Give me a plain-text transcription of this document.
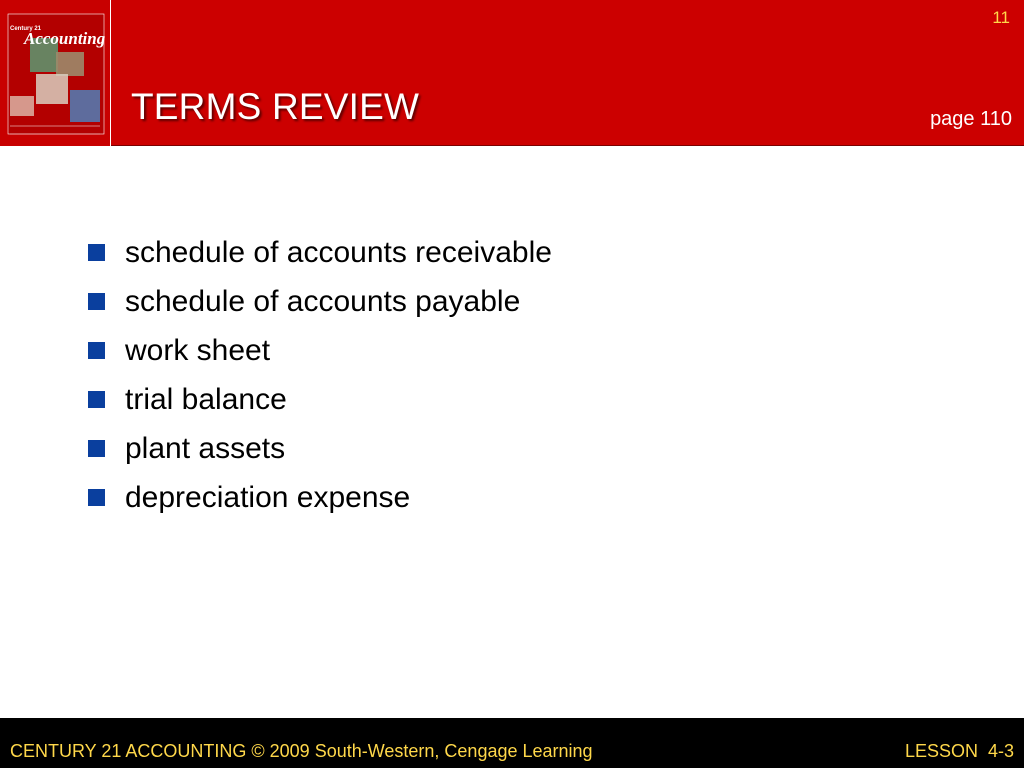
Century 21
Accounting
11
TERMS REVIEW	page 110
schedule of accounts receivable
schedule of accounts payable
work sheet
trial balance
plant assets
depreciation expense
CENTURY 21 ACCOUNTING © 2009 South-Western, Cengage Learning	LESSON  4-3
